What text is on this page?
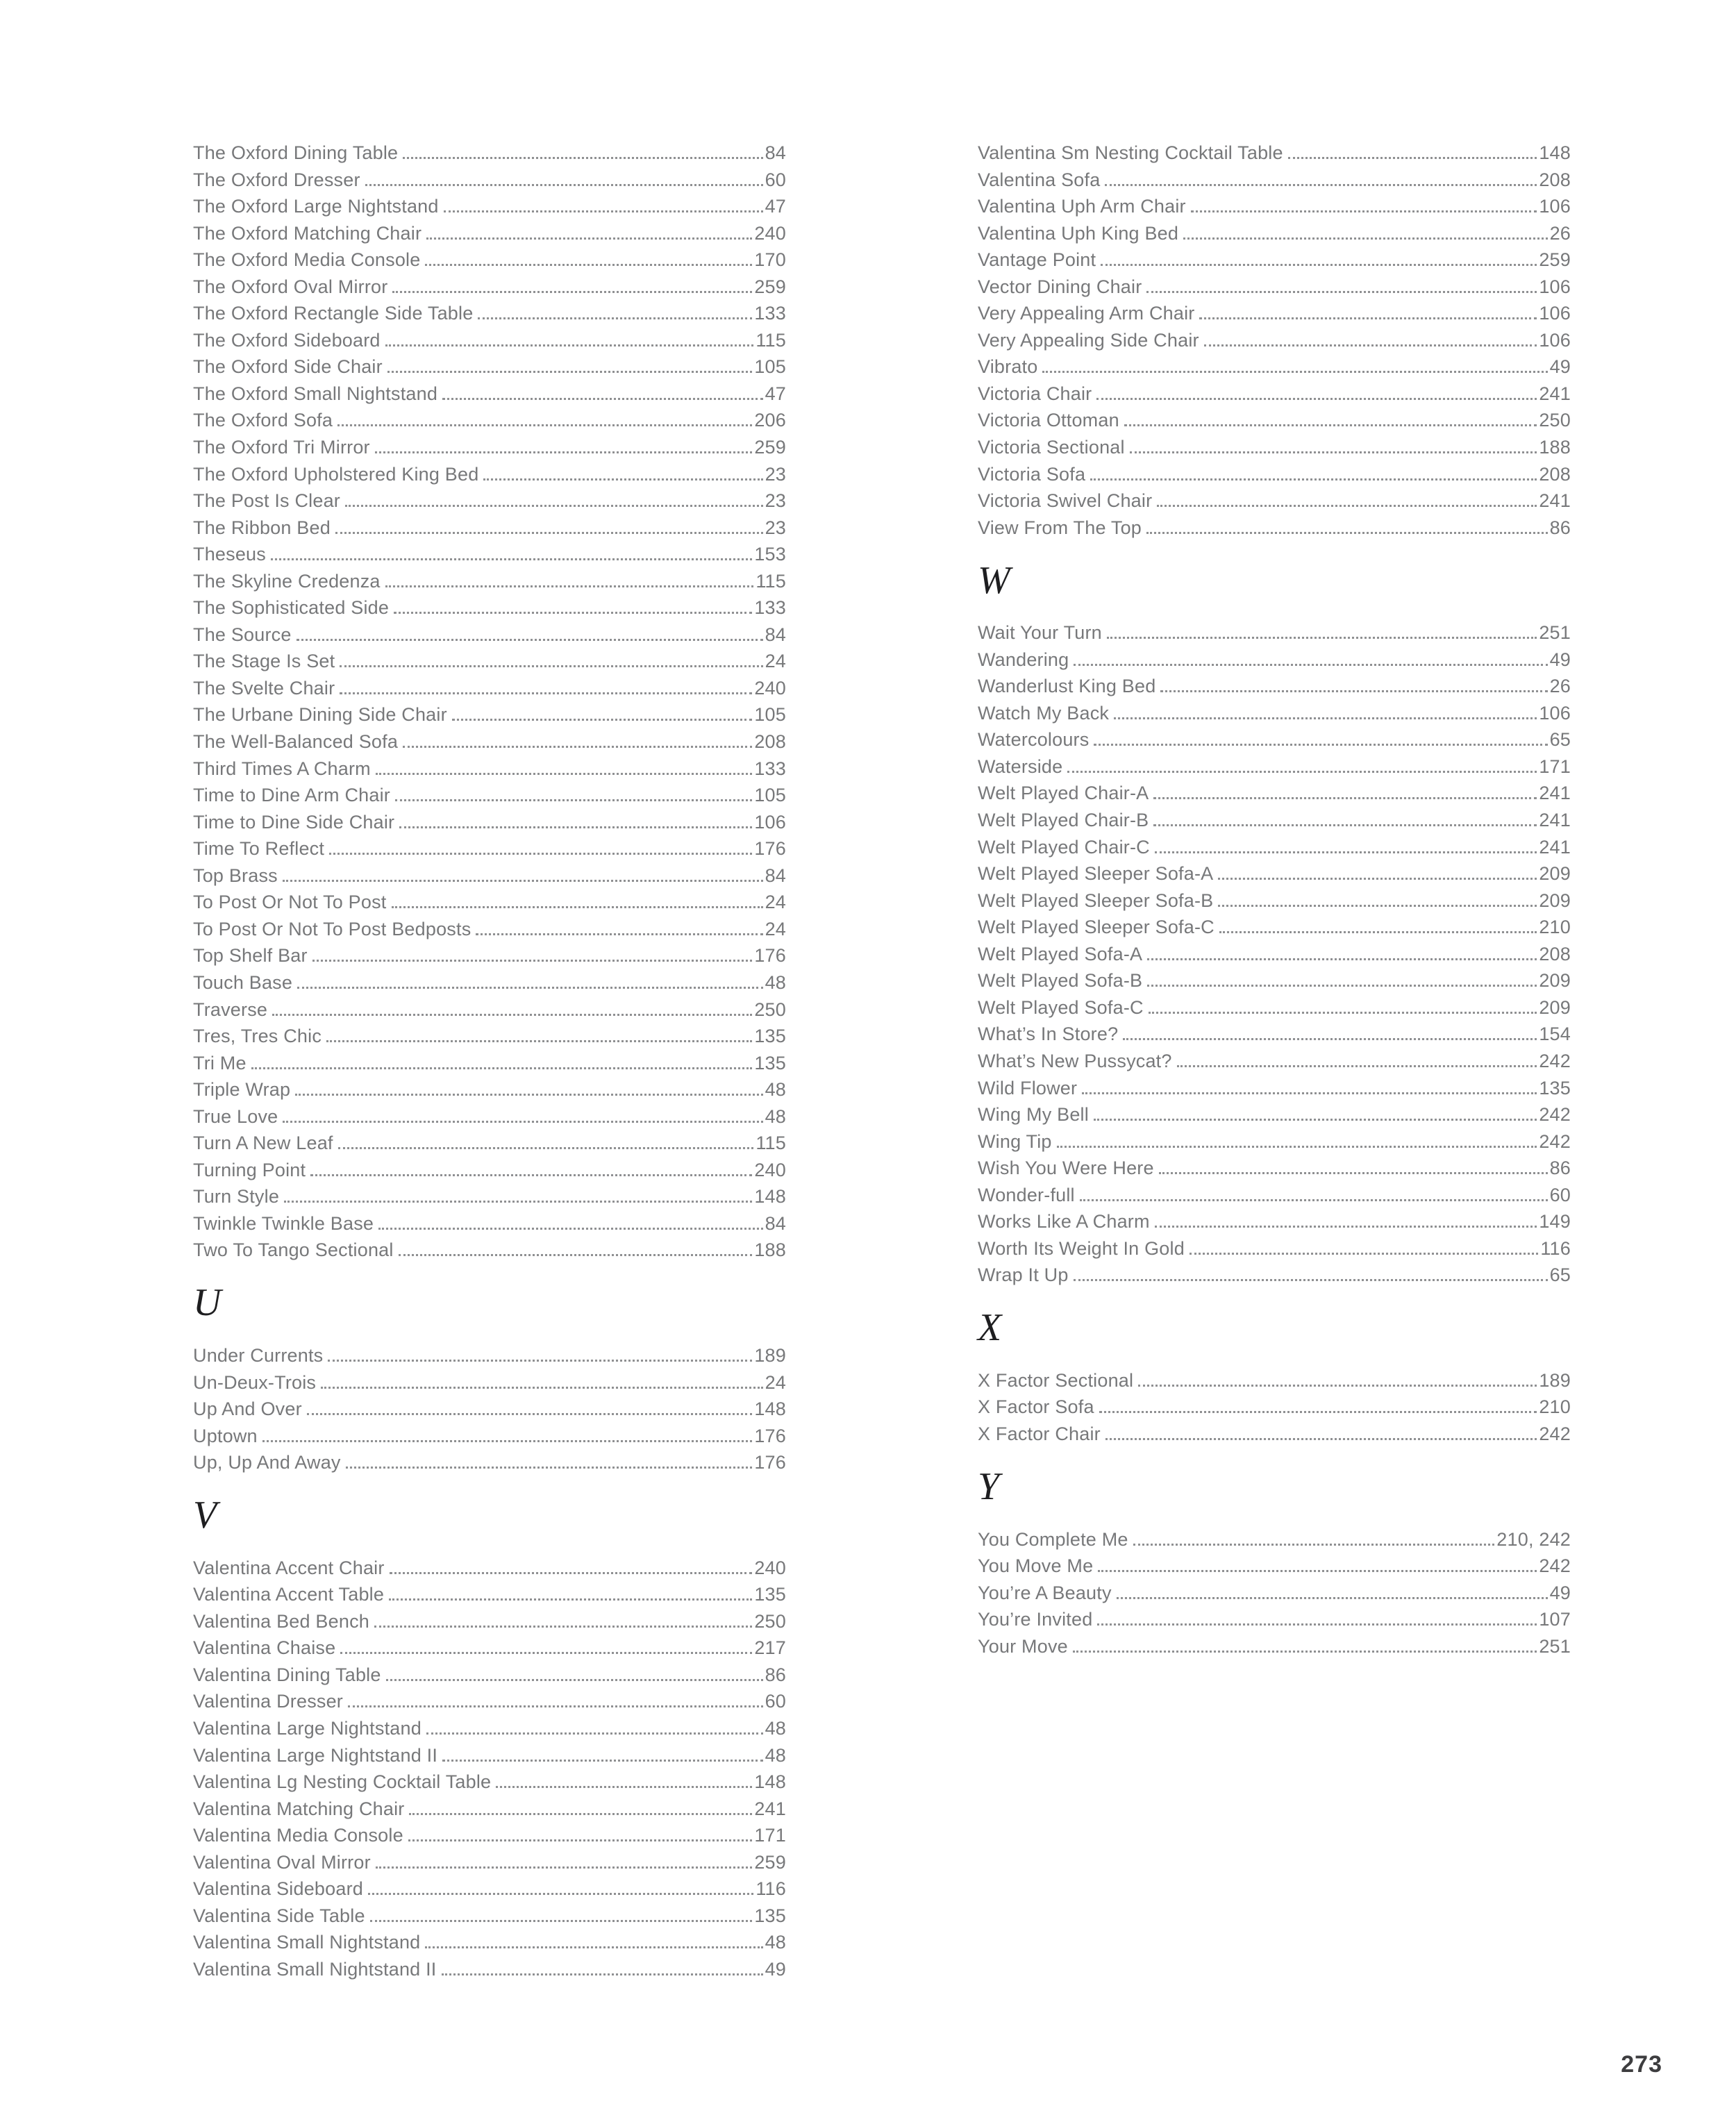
The Oxford Dining Table	84
The Oxford Dresser	60
The Oxford Large Nightstand	47
The Oxford Matching Chair	240
The Oxford Media Console	170
The Oxford Oval Mirror	259
The Oxford Rectangle Side Table	133
The Oxford Sideboard	115
The Oxford Side Chair	105
The Oxford Small Nightstand	47
The Oxford Sofa	206
The Oxford Tri Mirror	259
The Oxford Upholstered King Bed	23
The Post Is Clear	23
The Ribbon Bed	23
Theseus	153
The Skyline Credenza	115
The Sophisticated Side	133
The Source	84
The Stage Is Set	24
The Svelte Chair	240
The Urbane Dining Side Chair	105
The Well-Balanced Sofa	208
Third Times A Charm	133
Time to Dine Arm Chair	105
Time to Dine Side Chair	106
Time To Reflect	176
Top Brass	84
To Post Or Not To Post	24
To Post Or Not To Post Bedposts	24
Top Shelf Bar	176
Touch Base	48
Traverse	250
Tres, Tres Chic	135
Tri Me	135
Triple Wrap	48
True Love	48
Turn A New Leaf	115
Turning Point	240
Turn Style	148
Twinkle Twinkle Base	84
Two To Tango Sectional	188
U
Under Currents	189
Un-Deux-Trois	24
Up And Over	148
Uptown	176
Up, Up And Away	176
V
Valentina Accent Chair	240
Valentina Accent Table	135
Valentina Bed Bench	250
Valentina Chaise	217
Valentina Dining Table	86
Valentina Dresser	60
Valentina Large Nightstand	48
Valentina Large Nightstand II	48
Valentina Lg Nesting Cocktail Table	148
Valentina Matching Chair	241
Valentina Media Console	171
Valentina Oval Mirror	259
Valentina Sideboard	116
Valentina Side Table	135
Valentina Small Nightstand	48
Valentina Small Nightstand II	49
Valentina Sm Nesting Cocktail Table	148
Valentina Sofa	208
Valentina Uph Arm Chair	106
Valentina Uph King Bed	26
Vantage Point	259
Vector Dining Chair	106
Very Appealing Arm Chair	106
Very Appealing Side Chair	106
Vibrato	49
Victoria Chair	241
Victoria Ottoman	250
Victoria Sectional	188
Victoria Sofa	208
Victoria Swivel Chair	241
View From The Top	86
W
Wait Your Turn	251
Wandering	49
Wanderlust King Bed	26
Watch My Back	106
Watercolours	65
Waterside	171
Welt Played Chair-A	241
Welt Played Chair-B	241
Welt Played Chair-C	241
Welt Played Sleeper Sofa-A	209
Welt Played Sleeper Sofa-B	209
Welt Played Sleeper Sofa-C	210
Welt Played Sofa-A	208
Welt Played Sofa-B	209
Welt Played Sofa-C	209
What’s In Store?	154
What’s New Pussycat?	242
Wild Flower	135
Wing My Bell	242
Wing Tip	242
Wish You Were Here	86
Wonder-full	60
Works Like A Charm	149
Worth Its Weight In Gold	116
Wrap It Up	65
X
X Factor Sectional	189
X Factor Sofa	210
X Factor Chair	242
Y
You Complete Me	210, 242
You Move Me	242
You’re A Beauty	49
You’re Invited	107
Your Move	251
273
